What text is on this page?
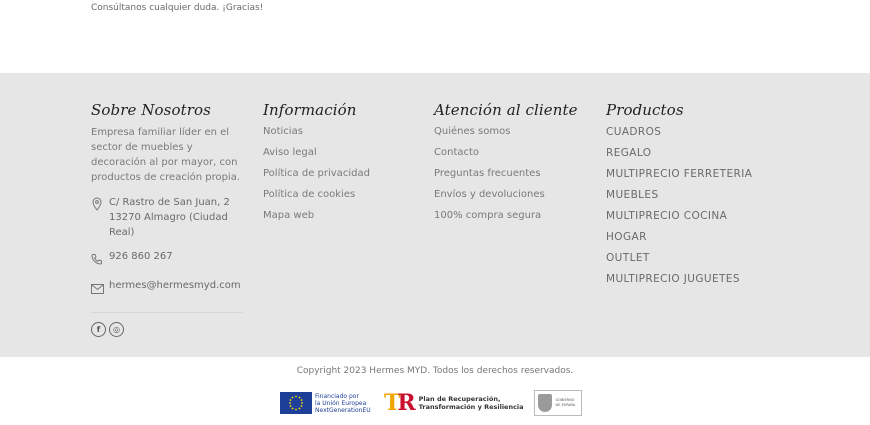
Consúltanos cualquier duda. ¡Gracias!
Sobre Nosotros

Empresa familiar líder en el sector de muebles y decoración al por mayor, con productos de creación propia.

C/ Rastro de San Juan, 2 13270 Almagro (Ciudad Real)
926 860 267
hermes@hermesmyd.com
f	◎
Información
Noticias
Aviso legal
Política de privacidad
Política de cookies
Mapa web
Atención al cliente
Quiénes somos
Contacto
Preguntas frecuentes
Envíos y devoluciones
100% compra segura
Productos
CUADROS
REGALO
MULTIPRECIO FERRETERIA
MUEBLES
MULTIPRECIO COCINA
HOGAR
OUTLET
MULTIPRECIO JUGUETES
Copyright 2023 Hermes MYD. Todos los derechos reservados.
Financiado por
la Unión Europea
NextGenerationEU TR Plan de Recuperación,
Transformación y Resiliencia
GOBIERNO
DE ESPAÑA
